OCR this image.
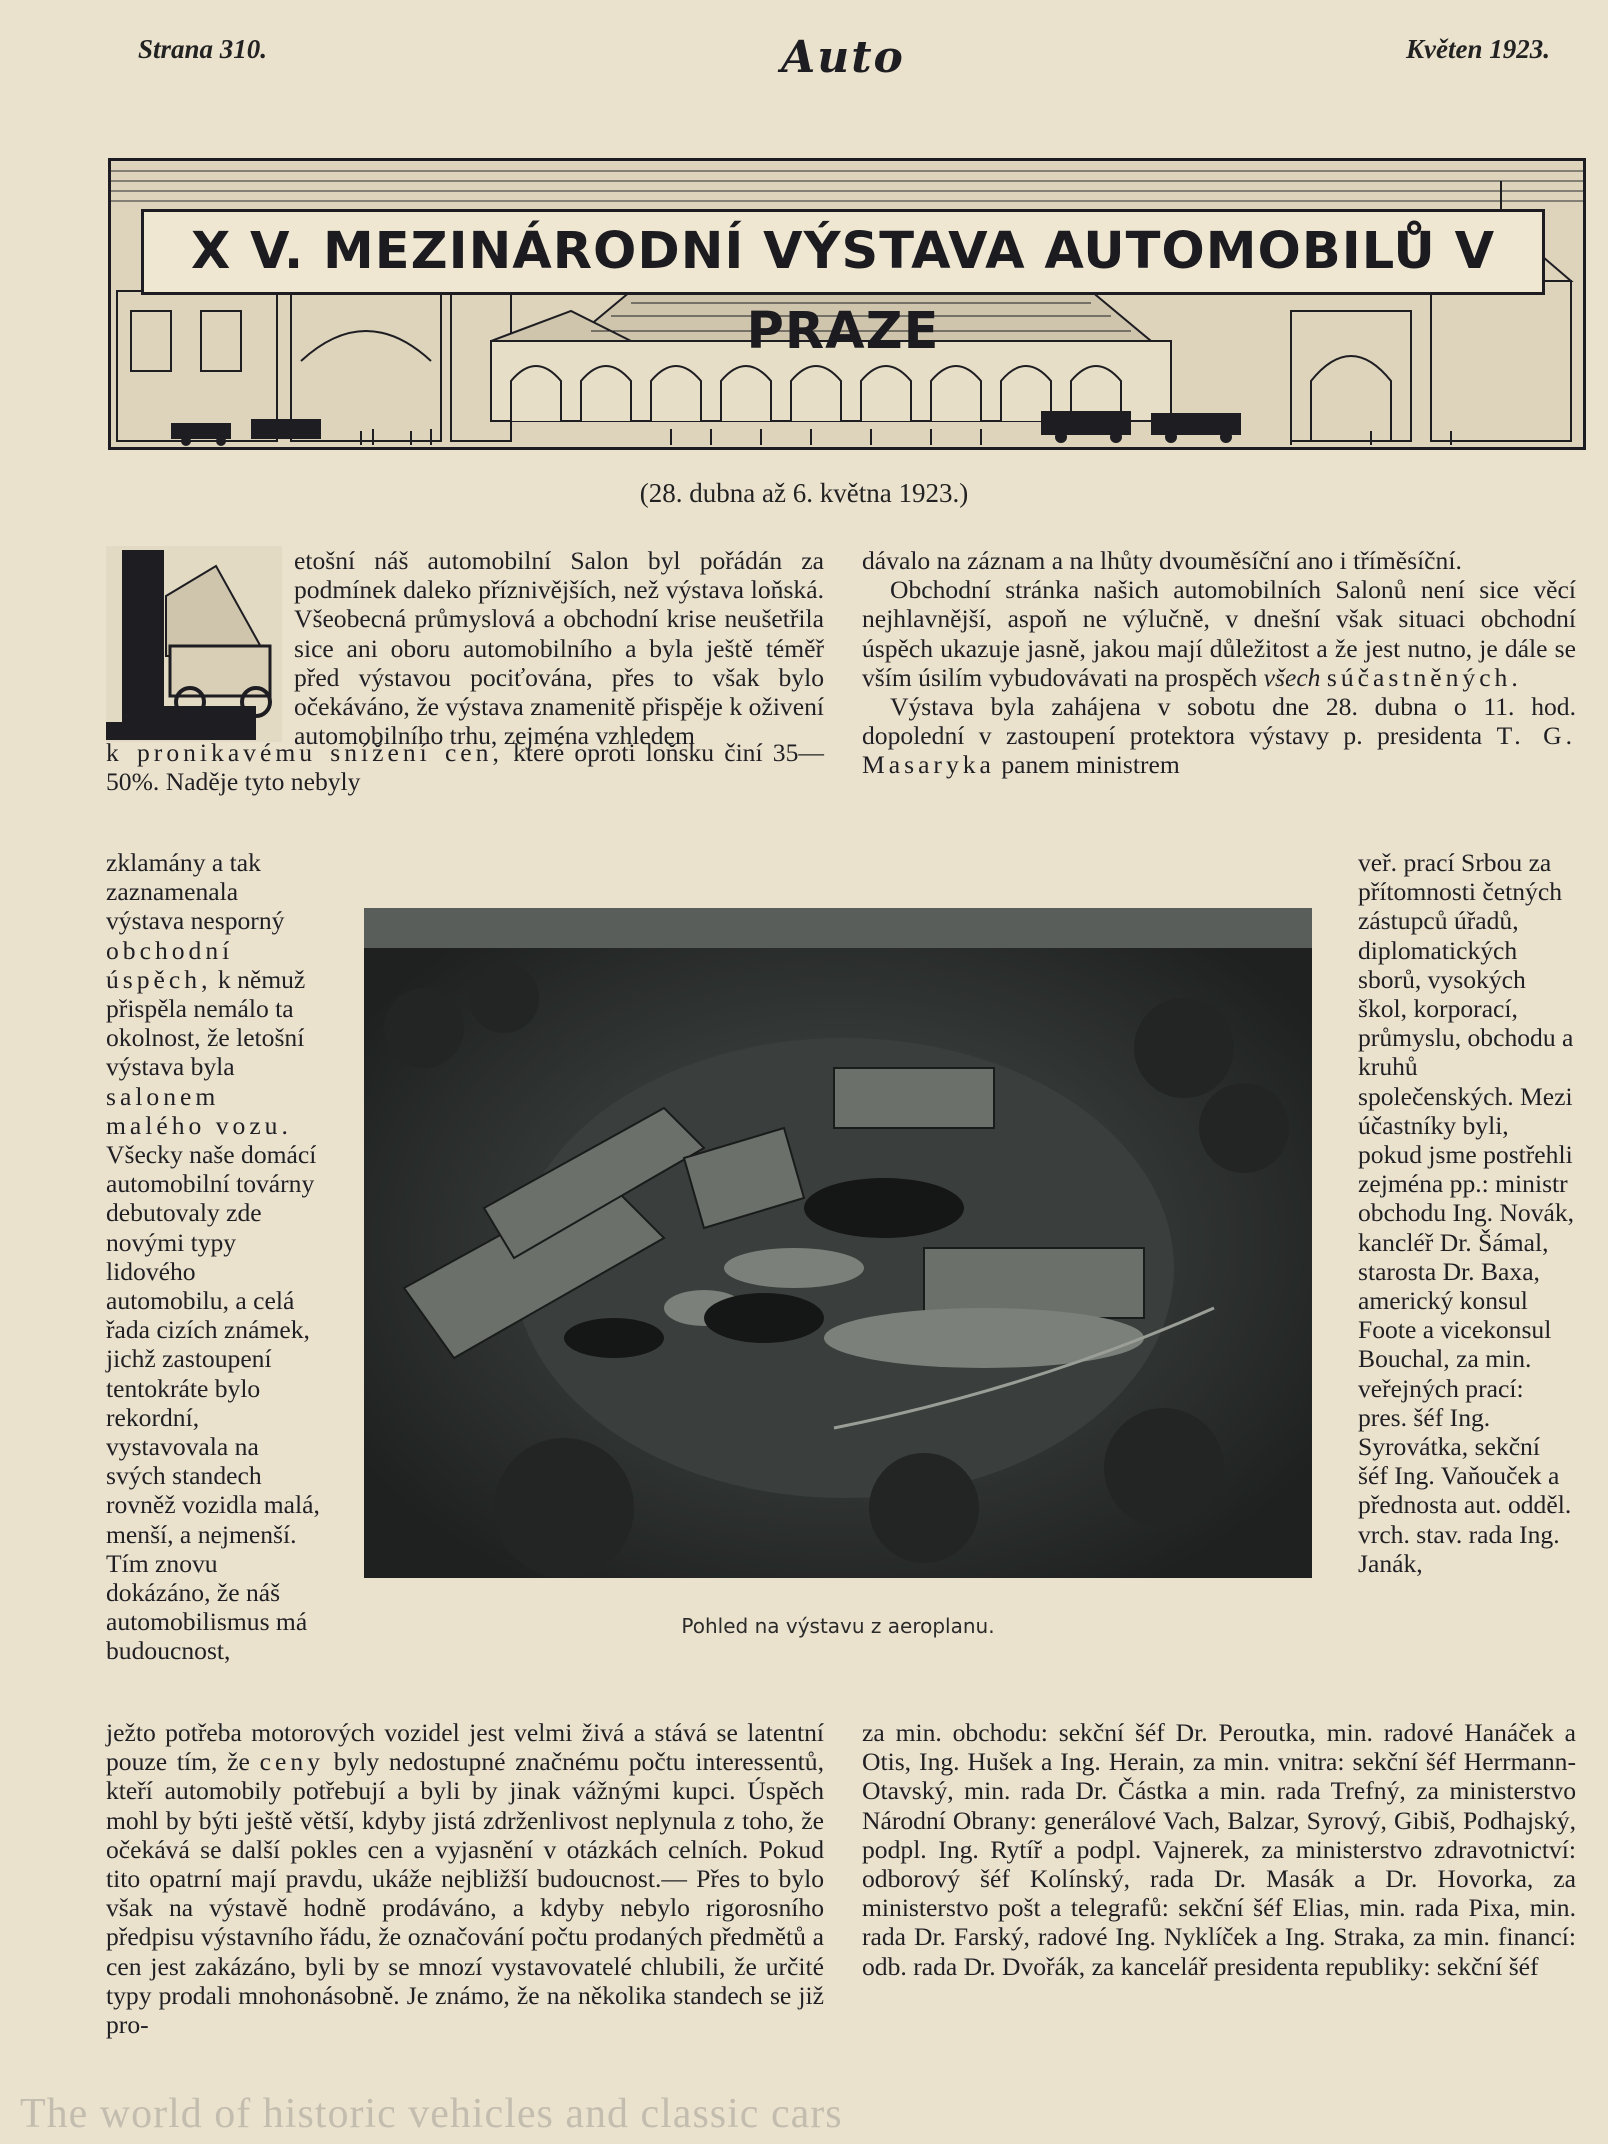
Strana 310.	Auto	Květen 1923.
X V. MEZINÁRODNÍ VÝSTAVA AUTOMOBILŮ V PRAZE
(28. dubna až 6. května 1923.)
L

etošní náš automobilní Salon byl pořádán za podmínek daleko příznivějších, než výstava loňská. Všeobecná průmyslová a obchodní krise neušetřila sice ani oboru automobilního a byla ještě téměř před výstavou pociťována, přes to však bylo očekáváno, že výstava znamenitě přispěje k oživení automobilního trhu, zejména vzhledem

k pronikavému snížení cen, které oproti loňsku činí 35—50%. Naděje tyto nebyly

zklamány a tak zaznamenala výstava nesporný obchodní úspěch, k němuž přispěla nemálo ta okolnost, že letošní výstava byla salonem malého vozu. Všecky naše domácí automobilní továrny debutovaly zde novými typy lidového automobilu, a celá řada cizích známek, jichž zastoupení tentokráte bylo rekordní, vystavovala na svých standech rovněž vozidla malá, menší, a nejmenší. Tím znovu dokázáno, že náš automobilismus má budoucnost,

ježto potřeba motorových vozidel jest velmi živá a stává se latentní pouze tím, že ceny byly nedostupné značnému počtu interessentů, kteří automobily potřebují a byli by jinak vážnými kupci. Úspěch mohl by býti ještě větší, kdyby jistá zdrženlivost neplynula z toho, že očekává se další pokles cen a vyjasnění v otázkách celních. Pokud tito opatrní mají pravdu, ukáže nejbližší budoucnost.— Přes to bylo však na výstavě hodně prodáváno, a kdyby nebylo rigorosního předpisu výstavního řádu, že označování počtu prodaných předmětů a cen jest zakázáno, byli by se mnozí vystavovatelé chlubili, že určité typy prodali mnohonásobně. Je známo, že na několika standech se již pro-

dávalo na záznam a na lhůty dvouměsíční ano i tříměsíční.

Obchodní stránka našich automobilních Salonů není sice věcí nejhlavnější, aspoň ne výlučně, v dnešní však situaci obchodní úspěch ukazuje jasně, jakou mají důležitost a že jest nutno, je dále se vším úsilím vybudovávati na prospěch všech súčastněných.

Výstava byla zahájena v sobotu dne 28. dubna o 11. hod. dopolední v zastoupení protektora výstavy p. presidenta T. G. Masaryka panem ministrem

veř. prací Srbou za přítomnosti četných zástupců úřadů, diplomatických sborů, vysokých škol, korporací, průmyslu, obchodu a kruhů společenských. Mezi účastníky byli, pokud jsme postřehli zejména pp.: ministr obchodu Ing. Novák, kancléř Dr. Šámal, starosta Dr. Baxa, americký konsul Foote a vicekonsul Bouchal, za min. veřejných prací: pres. šéf Ing. Syrovátka, sekční šéf Ing. Vaňouček a přednosta aut. odděl. vrch. stav. rada Ing. Janák,

za min. obchodu: sekční šéf Dr. Peroutka, min. radové Hanáček a Otis, Ing. Hušek a Ing. Herain, za min. vnitra: sekční šéf Herrmann-Otavský, min. rada Dr. Částka a min. rada Trefný, za ministerstvo Národní Obrany: generálové Vach, Balzar, Syrový, Gibiš, Podhajský, podpl. Ing. Rytíř a podpl. Vajnerek, za ministerstvo zdravotnictví: odborový šéf Kolínský, rada Dr. Masák a Dr. Hovorka, za ministerstvo pošt a telegrafů: sekční šéf Elias, min. rada Pixa, min. rada Dr. Farský, radové Ing. Nyklíček a Ing. Straka, za min. financí: odb. rada Dr. Dvořák, za kancelář presidenta republiky: sekční šéf

Pohled na výstavu z aeroplanu.
The world of historic vehicles and classic cars
